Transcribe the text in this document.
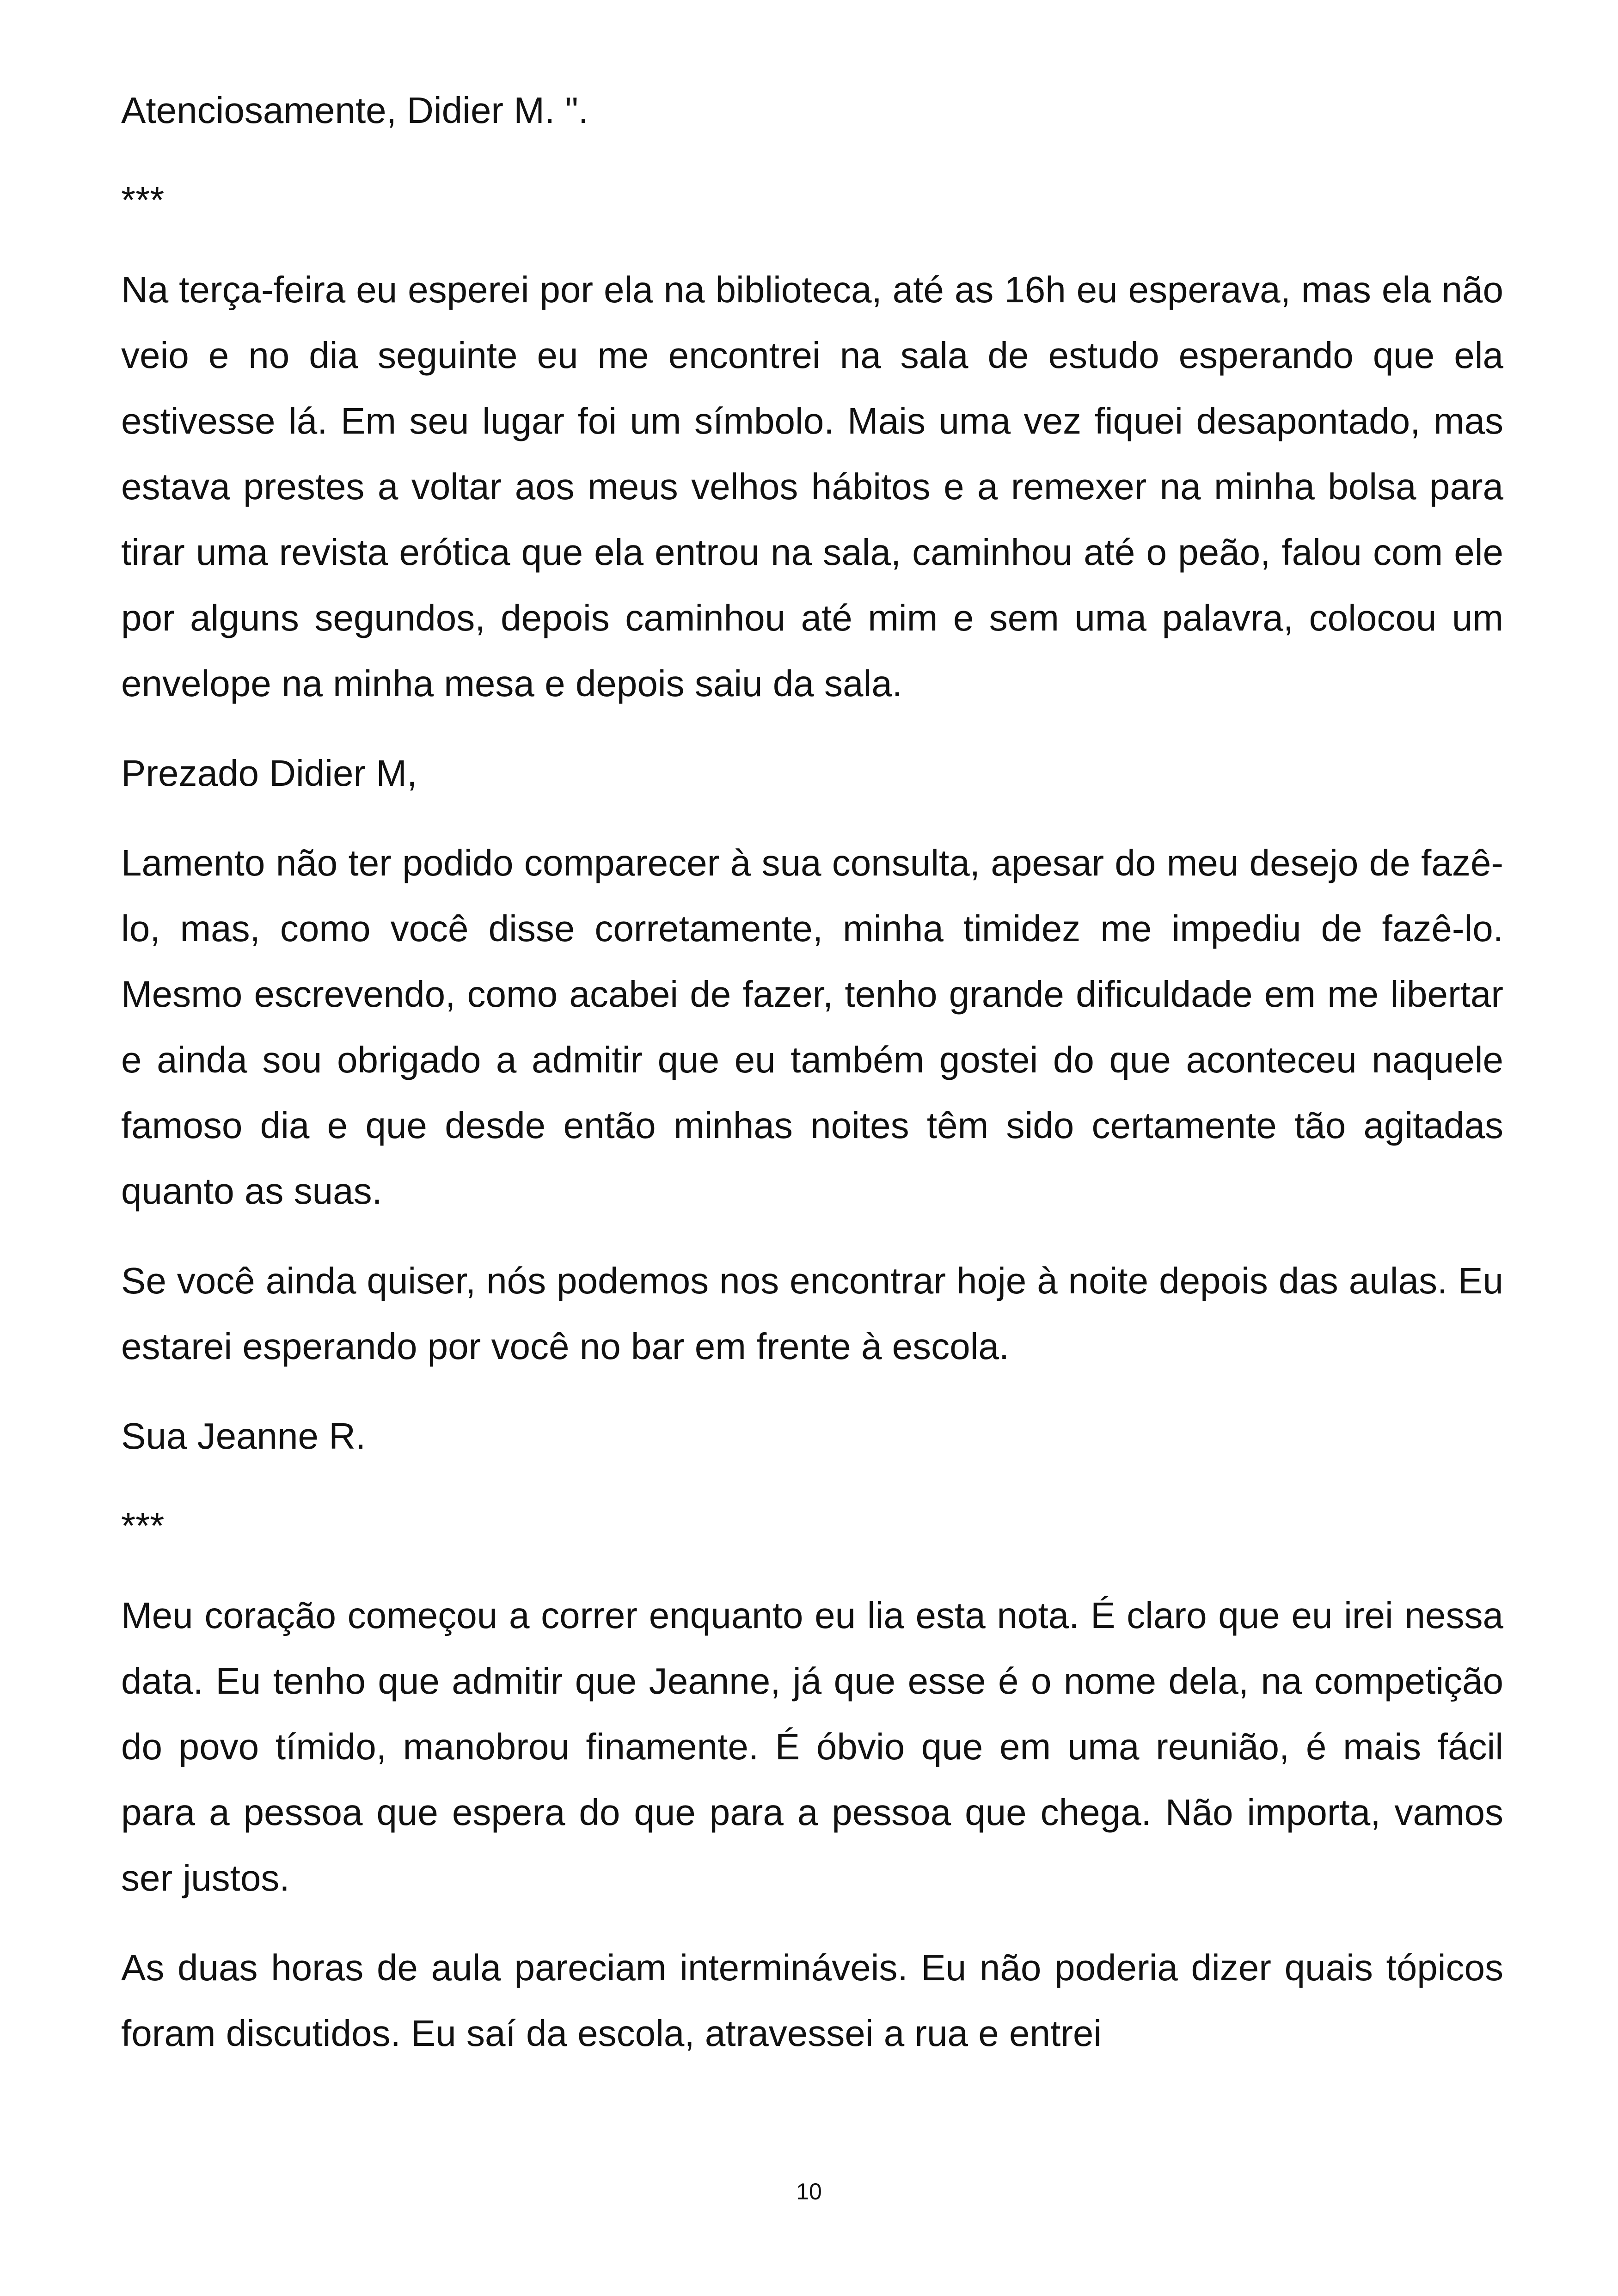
Atenciosamente, Didier M. ".

***

Na terça-feira eu esperei por ela na biblioteca, até as 16h eu esperava, mas ela não veio e no dia seguinte eu me encontrei na sala de estudo esperando que ela estivesse lá. Em seu lugar foi um símbolo. Mais uma vez fiquei desapontado, mas estava prestes a voltar aos meus velhos hábitos e a remexer na minha bolsa para tirar uma revista erótica que ela entrou na sala, caminhou até o peão, falou com ele por alguns segundos, depois caminhou até mim e sem uma palavra, colocou um envelope na minha mesa e depois saiu da sala.

Prezado Didier M,

Lamento não ter podido comparecer à sua consulta, apesar do meu desejo de fazê-lo, mas, como você disse corretamente, minha timidez me impediu de fazê-lo. Mesmo escrevendo, como acabei de fazer, tenho grande dificuldade em me libertar e ainda sou obrigado a admitir que eu também gostei do que aconteceu naquele famoso dia e que desde então minhas noites têm sido certamente tão agitadas quanto as suas.

Se você ainda quiser, nós podemos nos encontrar hoje à noite depois das aulas. Eu estarei esperando por você no bar em frente à escola.

Sua Jeanne R.

***

Meu coração começou a correr enquanto eu lia esta nota. É claro que eu irei nessa data. Eu tenho que admitir que Jeanne, já que esse é o nome dela, na competição do povo tímido, manobrou finamente. É óbvio que em uma reunião, é mais fácil para a pessoa que espera do que para a pessoa que chega. Não importa, vamos ser justos.

As duas horas de aula pareciam intermináveis. Eu não poderia dizer quais tópicos foram discutidos. Eu saí da escola, atravessei a rua e entrei

10
